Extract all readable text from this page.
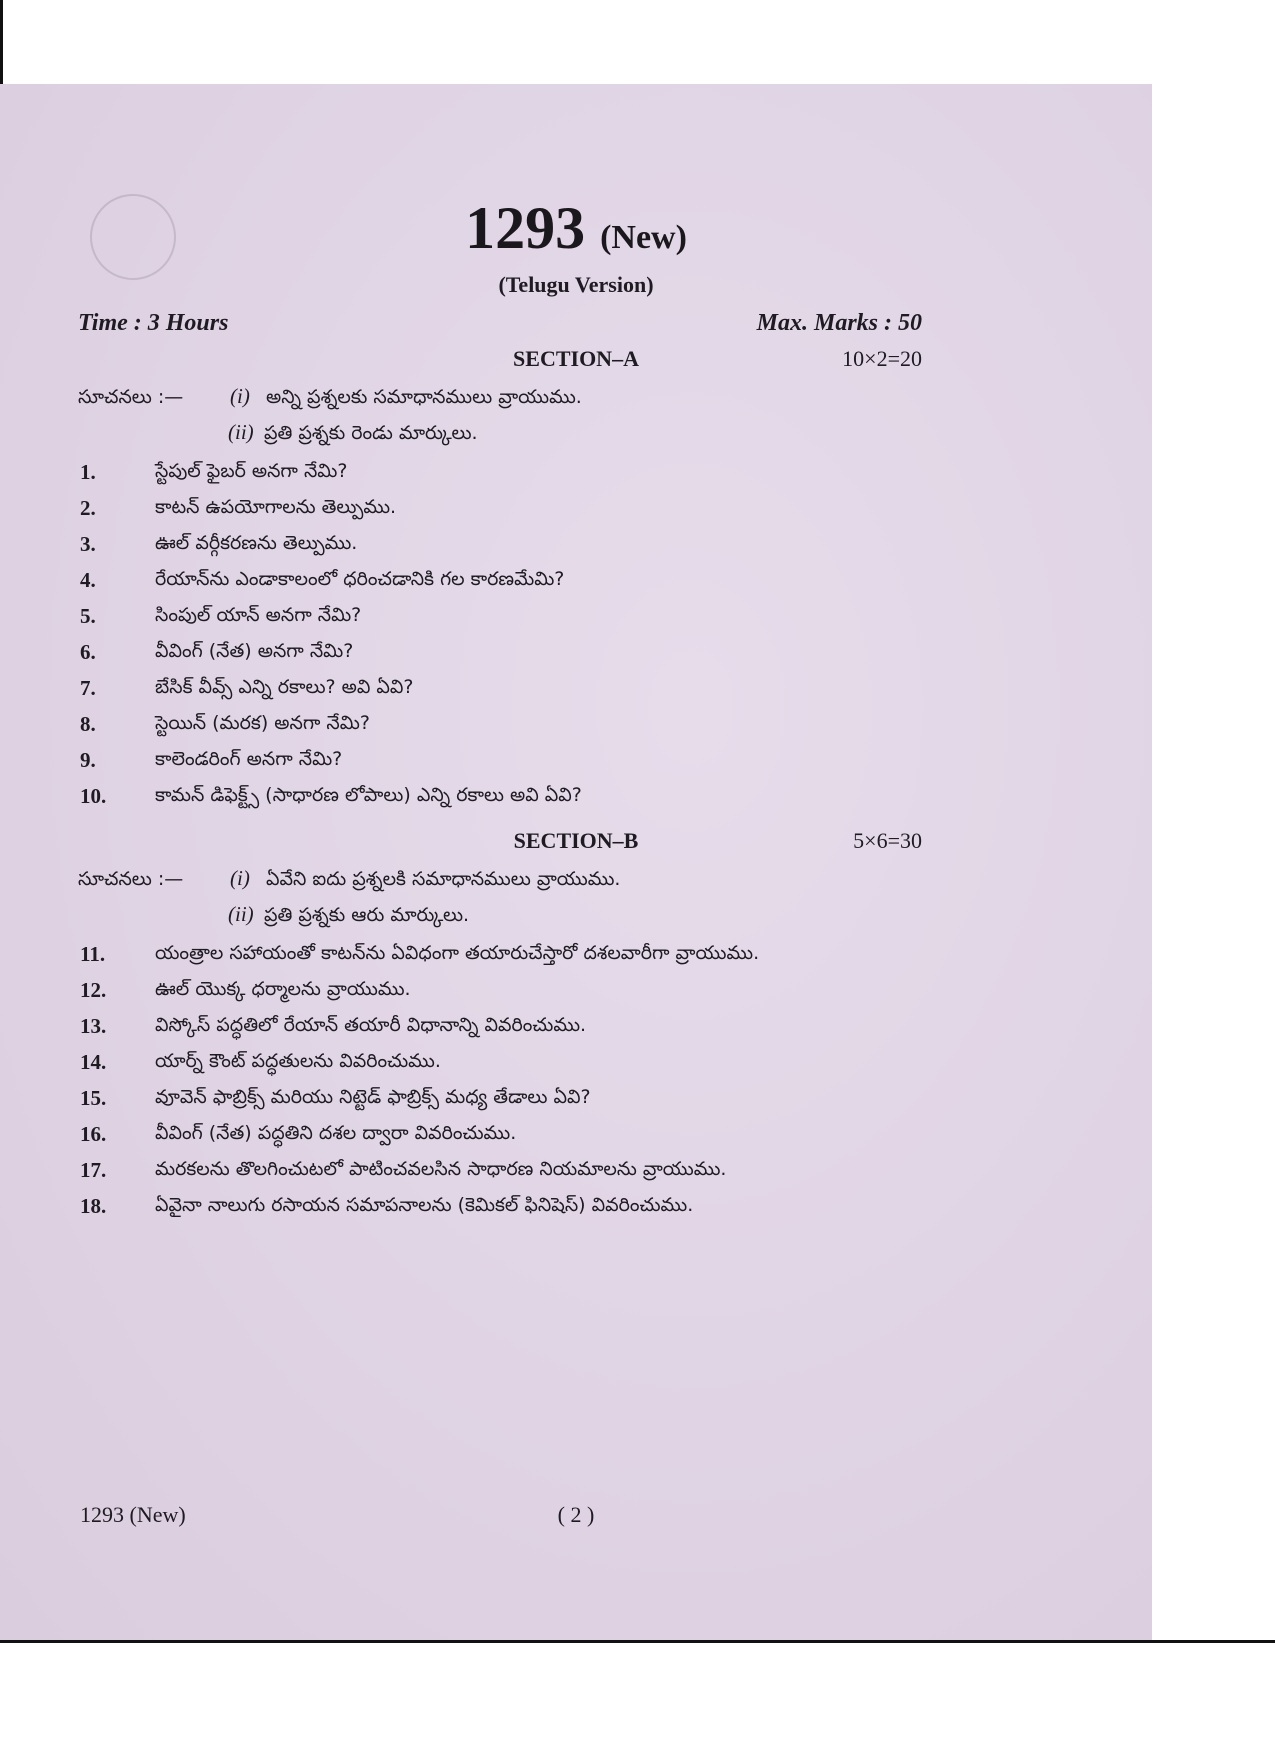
1293 (New)
(Telugu Version)
Time : 3 Hours	Max. Marks : 50
SECTION–A	10×2=20
సూచనలు :— (i) అన్ని ప్రశ్నలకు సమాధానములు వ్రాయుము.
(ii) ప్రతి ప్రశ్నకు రెండు మార్కులు.
1.	స్టేపుల్ ఫైబర్ అనగా నేమి?
2.	కాటన్ ఉపయోగాలను తెల్పుము.
3.	ఊల్ వర్గీకరణను తెల్పుము.
4.	రేయాన్‌ను ఎండాకాలంలో ధరించడానికి గల కారణమేమి?
5.	సింపుల్ యాన్ అనగా నేమి?
6.	వీవింగ్ (నేత) అనగా నేమి?
7.	బేసిక్ వీవ్స్ ఎన్ని రకాలు? అవి ఏవి?
8.	స్టెయిన్ (మరక) అనగా నేమి?
9.	కాలెండరింగ్ అనగా నేమి?
10.	కామన్ డిఫెక్ట్స్ (సాధారణ లోపాలు) ఎన్ని రకాలు అవి ఏవి?
SECTION–B	5×6=30
సూచనలు :— (i) ఏవేని ఐదు ప్రశ్నలకి సమాధానములు వ్రాయుము.
(ii) ప్రతి ప్రశ్నకు ఆరు మార్కులు.
11.	యంత్రాల సహాయంతో కాటన్‌ను ఏవిధంగా తయారుచేస్తారో దశలవారీగా వ్రాయుము.
12.	ఊల్ యొక్క ధర్మాలను వ్రాయుము.
13.	విస్కోస్ పద్ధతిలో రేయాన్ తయారీ విధానాన్ని వివరించుము.
14.	యార్న్ కౌంట్ పద్ధతులను వివరించుము.
15.	వూవెన్ ఫాబ్రిక్స్ మరియు నిట్టెడ్ ఫాబ్రిక్స్ మధ్య తేడాలు ఏవి?
16.	వీవింగ్ (నేత) పద్ధతిని దశల ద్వారా వివరించుము.
17.	మరకలను తొలగించుటలో పాటించవలసిన సాధారణ నియమాలను వ్రాయుము.
18.	ఏవైనా నాలుగు రసాయన సమాపనాలను (కెమికల్ ఫినిషెస్) వివరించుము.
1293 (New)	( 2 )
